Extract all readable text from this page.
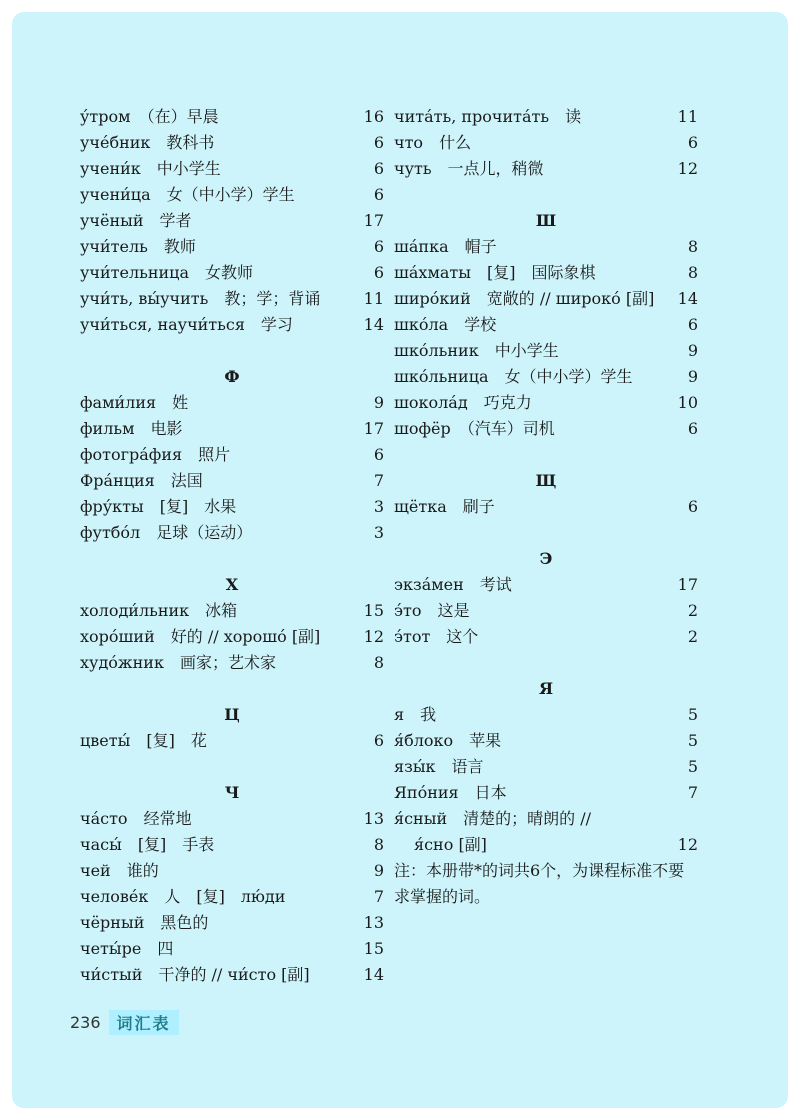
у́тром　（在）早晨	16
уче́бник　教科书	6
учени́к　中小学生	6
учени́ца　女（中小学）学生	6
учёный　学者	17
учи́тель　教师	6
учи́тельница　女教师	6
учи́ть, вы́учить　教；学；背诵	11
учи́ться, научи́ться　学习	14
Ф
фами́лия　姓	9
фильм　电影	17
фотогра́фия　照片	6
Фра́нция　法国	7
фру́кты　[复]　水果	3
футбо́л　足球（运动）	3
Х
холоди́льник　冰箱	15
хоро́ший　好的 // хорошо́ [副]	12
худо́жник　画家；艺术家	8
Ц
цветы́　[复]　花	6
Ч
ча́сто　经常地	13
часы́　[复]　手表	8
чей　谁的	9
челове́к　人　[复]　лю́ди	7
чёрный　黑色的	13
четы́ре　四	15
чи́стый　干净的 // чи́сто [副]	14
чита́ть, прочита́ть　读	11
что　什么	6
чуть　一点儿，稍微	12
Ш
ша́пка　帽子	8
ша́хматы　[复]　国际象棋	8
широ́кий　宽敞的 // широко́ [副] 14
шко́ла　学校	6
шко́льник　中小学生	9
шко́льница　女（中小学）学生	9
шокола́д　巧克力	10
шофёр　（汽车）司机	6
Щ
щётка　刷子	6
Э
экза́мен　考试	17
э́то　这是	2
э́тот　这个	2
Я
я　我	5
я́блоко　苹果	5
язы́к　语言	5
Япо́ния　日本	7
я́сный　清楚的；晴朗的 //
я́сно [副]	12
注：本册带*的词共6个，为课程标准不要求掌握的词。
236	词汇表
